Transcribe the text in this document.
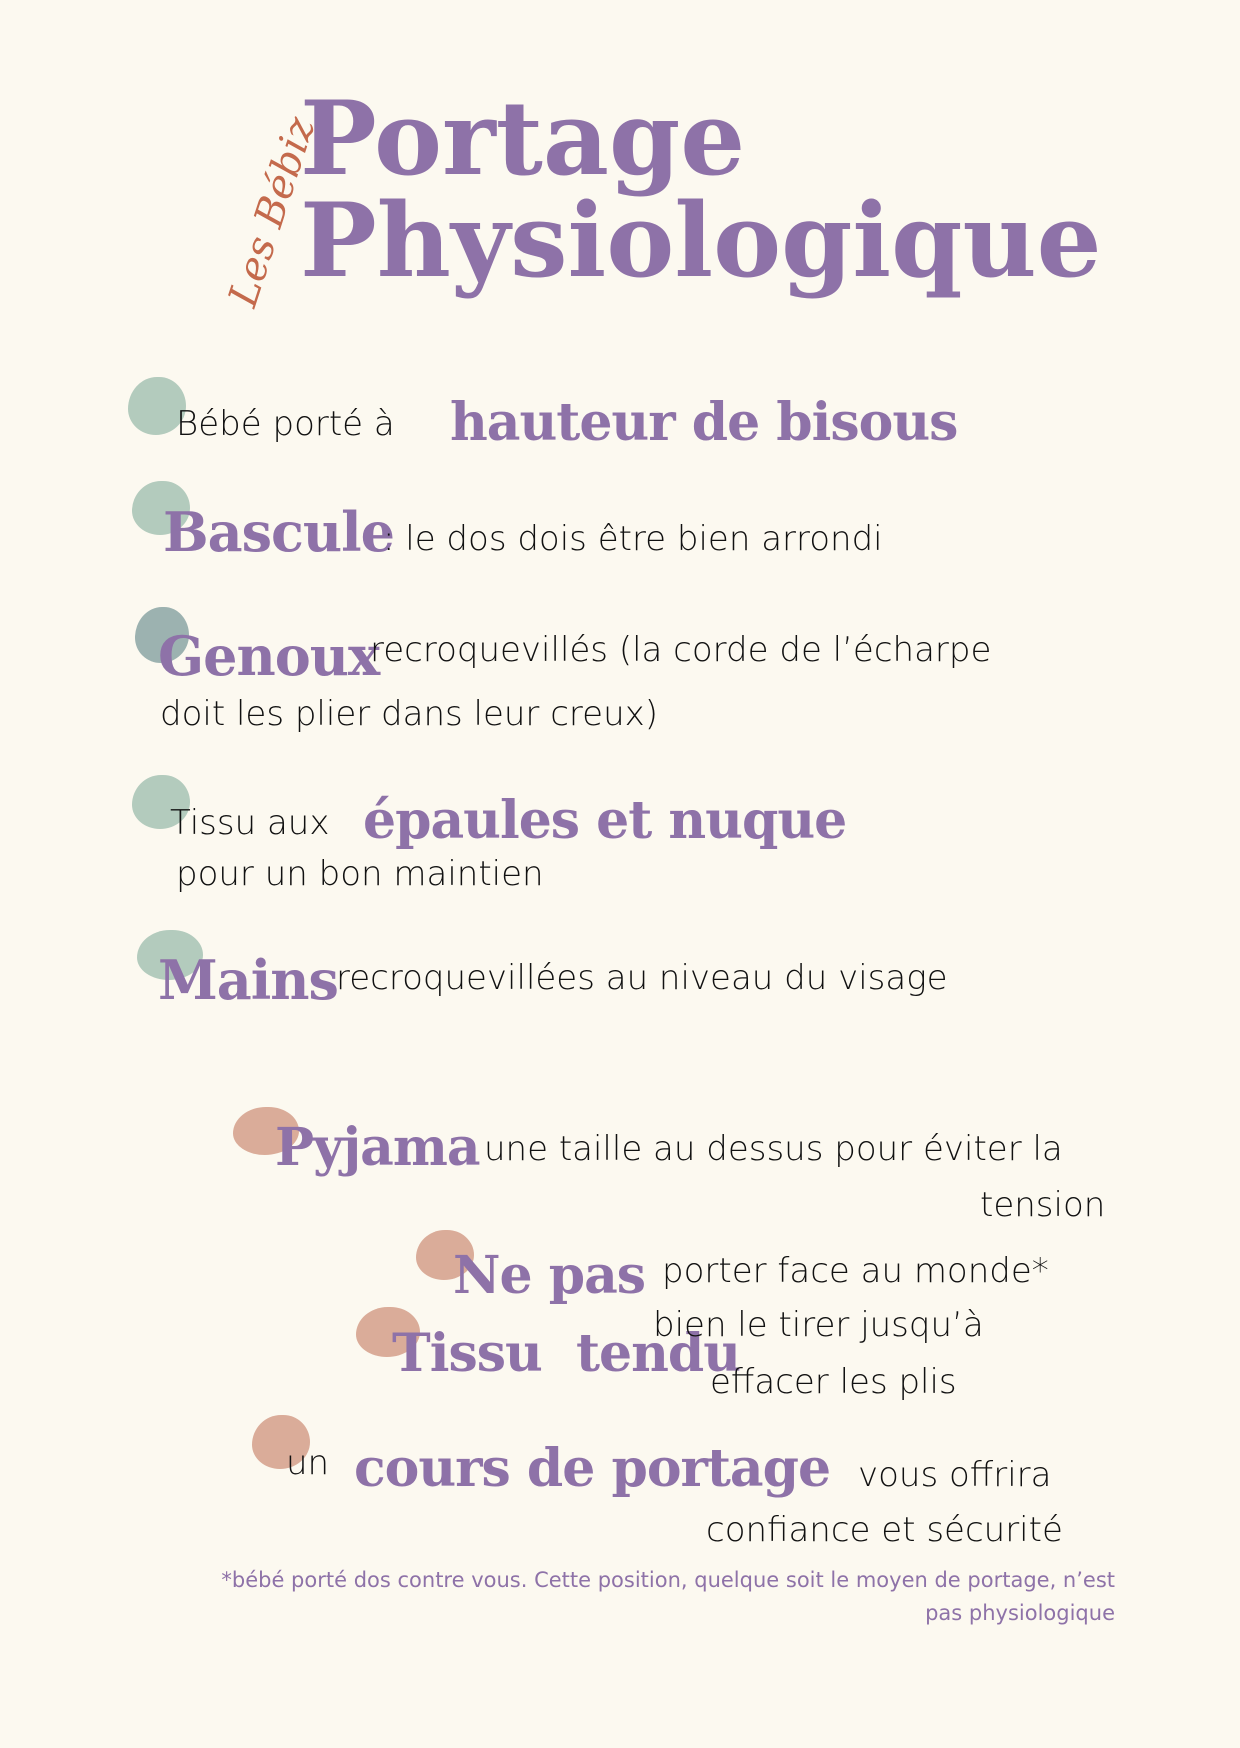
Les Bébiz
Portage
Physiologique
Bébé porté à hauteur de bisous
Bascule
: le dos dois être bien arrondi
Genoux
recroquevillés (la corde de l’écharpe
doit les plier dans leur creux)
Tissu aux épaules et nuque
pour un bon maintien
Mains
recroquevillées au niveau du visage
Pyjama une taille au dessus pour éviter la
tension
Ne pas porter face au monde*
Tissu  tendu
bien le tirer jusqu’à
effacer les plis
un cours de portage vous offrira
confiance et sécurité
*bébé porté dos contre vous. Cette position, quelque soit le moyen de portage, n’est
pas physiologique
